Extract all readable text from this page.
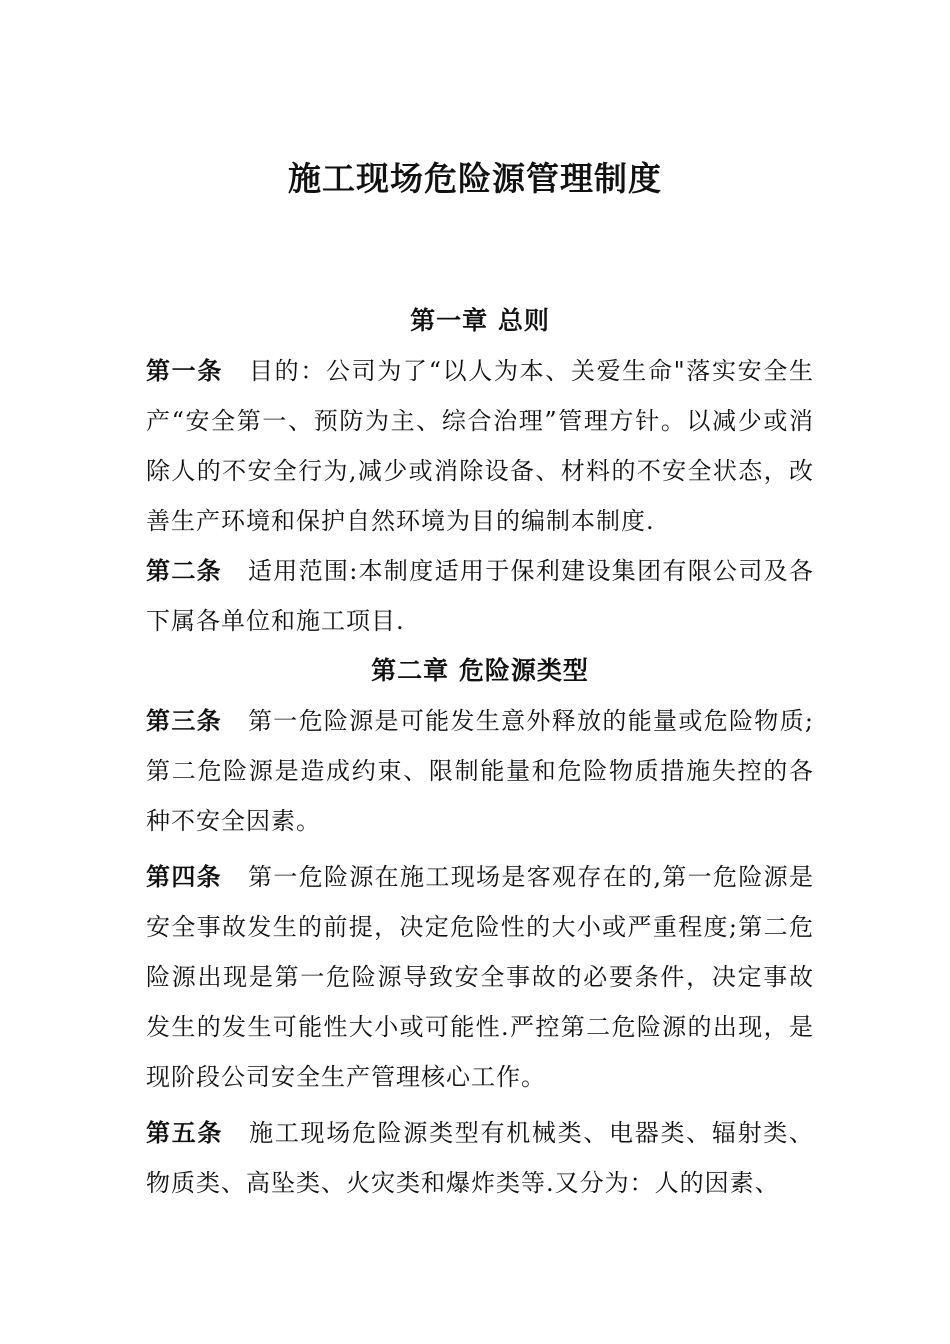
施工现场危险源管理制度
第一章 总则

第一条 目的：公司为了“以人为本、关爱生命"落实安全生产“安全第一、预防为主、综合治理”管理方针。以减少或消除人的不安全行为,减少或消除设备、材料的不安全状态，改善生产环境和保护自然环境为目的编制本制度.

第二条 适用范围:本制度适用于保利建设集团有限公司及各下属各单位和施工项目.

第二章 危险源类型

第三条 第一危险源是可能发生意外释放的能量或危险物质;第二危险源是造成约束、限制能量和危险物质措施失控的各种不安全因素。

第四条 第一危险源在施工现场是客观存在的,第一危险源是安全事故发生的前提，决定危险性的大小或严重程度;第二危险源出现是第一危险源导致安全事故的必要条件，决定事故发生的发生可能性大小或可能性.严控第二危险源的出现，是现阶段公司安全生产管理核心工作。

第五条 施工现场危险源类型有机械类、电器类、辐射类、物质类、高坠类、火灾类和爆炸类等.又分为：人的因素、
